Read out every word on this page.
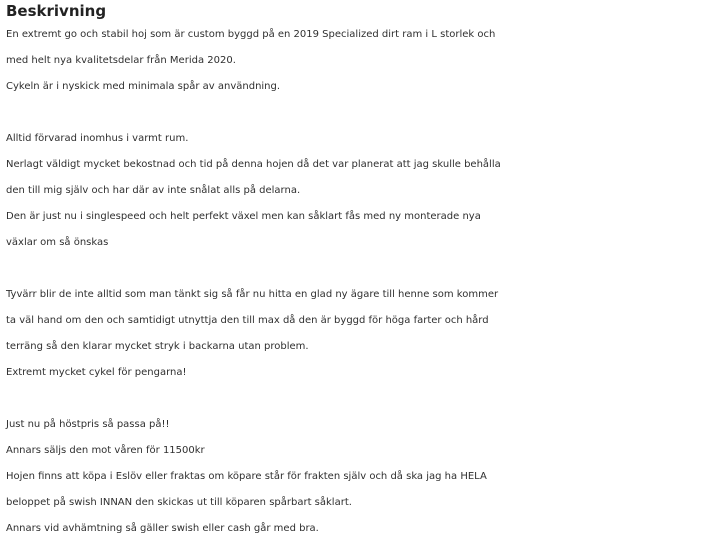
Beskrivning
En extremt go och stabil hoj som är custom byggd på en 2019 Specialized dirt ram i L storlek och
med helt nya kvalitetsdelar från Merida 2020.
Cykeln är i nyskick med minimala spår av användning.
Alltid förvarad inomhus i varmt rum.
Nerlagt väldigt mycket bekostnad och tid på denna hojen då det var planerat att jag skulle behålla
den till mig själv och har där av inte snålat alls på delarna.
Den är just nu i singlespeed och helt perfekt växel men kan såklart fås med ny monterade nya
växlar om så önskas
Tyvärr blir de inte alltid som man tänkt sig så får nu hitta en glad ny ägare till henne som kommer
ta väl hand om den och samtidigt utnyttja den till max då den är byggd för höga farter och hård
terräng så den klarar mycket stryk i backarna utan problem.
Extremt mycket cykel för pengarna!
Just nu på höstpris så passa på!!
Annars säljs den mot våren för 11500kr
Hojen finns att köpa i Eslöv eller fraktas om köpare står för frakten själv och då ska jag ha HELA
beloppet på swish INNAN den skickas ut till köparen spårbart såklart.
Annars vid avhämtning så gäller swish eller cash går med bra.
